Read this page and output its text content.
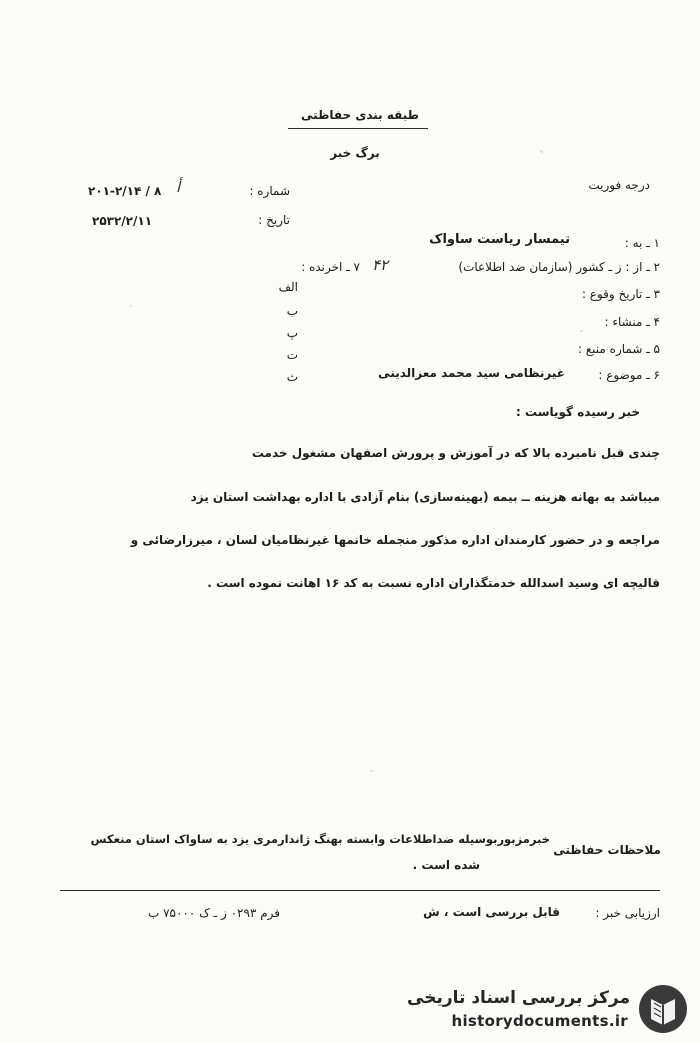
طبقه بندی حفاظتی
برگ خبر
درجه فوریت
شماره :
۲۰۱-۲/۱۴ / ۸ أ
تاریخ :
۲۵۳۲/۲/۱۱
۱ ـ به :
تیمسار ریاست ساواک
۲ ـ از : ز ـ کشور (سازمان ضد اطلاعات)
۴۲
۷ ـ اخرنده :
۳ ـ تاریخ وقوع :
۴ ـ منشاء :
۵ ـ شماره منبع :
۶ ـ موضوع :
غیرنظامی سید محمد معزالدینی
الف
ب
پ
ت
ث
خبر رسیده گویاست :
چندی قبل نامبرده بالا که در آموزش و پرورش اصفهان مشغول خدمت
میباشد به بهانه هزینه ــ بیمه (بهینه‌سازی) بنام آزادی با اداره بهداشت استان یزد
مراجعه و در حضور کارمندان اداره مذکور منجمله خانمها غیرنظامیان لسان ، میرزارضائی و
قالیچه ای وسید اسدالله خدمتگذاران اداره نسبت به کد ۱۶ اهانت نموده است .
ملاحظات حفاظتی
خبرمزبوربوسیله ضداطلاعات وابسته بهنگ ژاندارمری یزد به ساواک استان منعکس
شده است .
ارزیابی خبر :
قابل بررسی است ، ش
فرم ۰۲۹۳ ز ـ ک ۷۵۰۰۰ ب
مرکز بررسی اسناد تاریخی
historydocuments.ir
